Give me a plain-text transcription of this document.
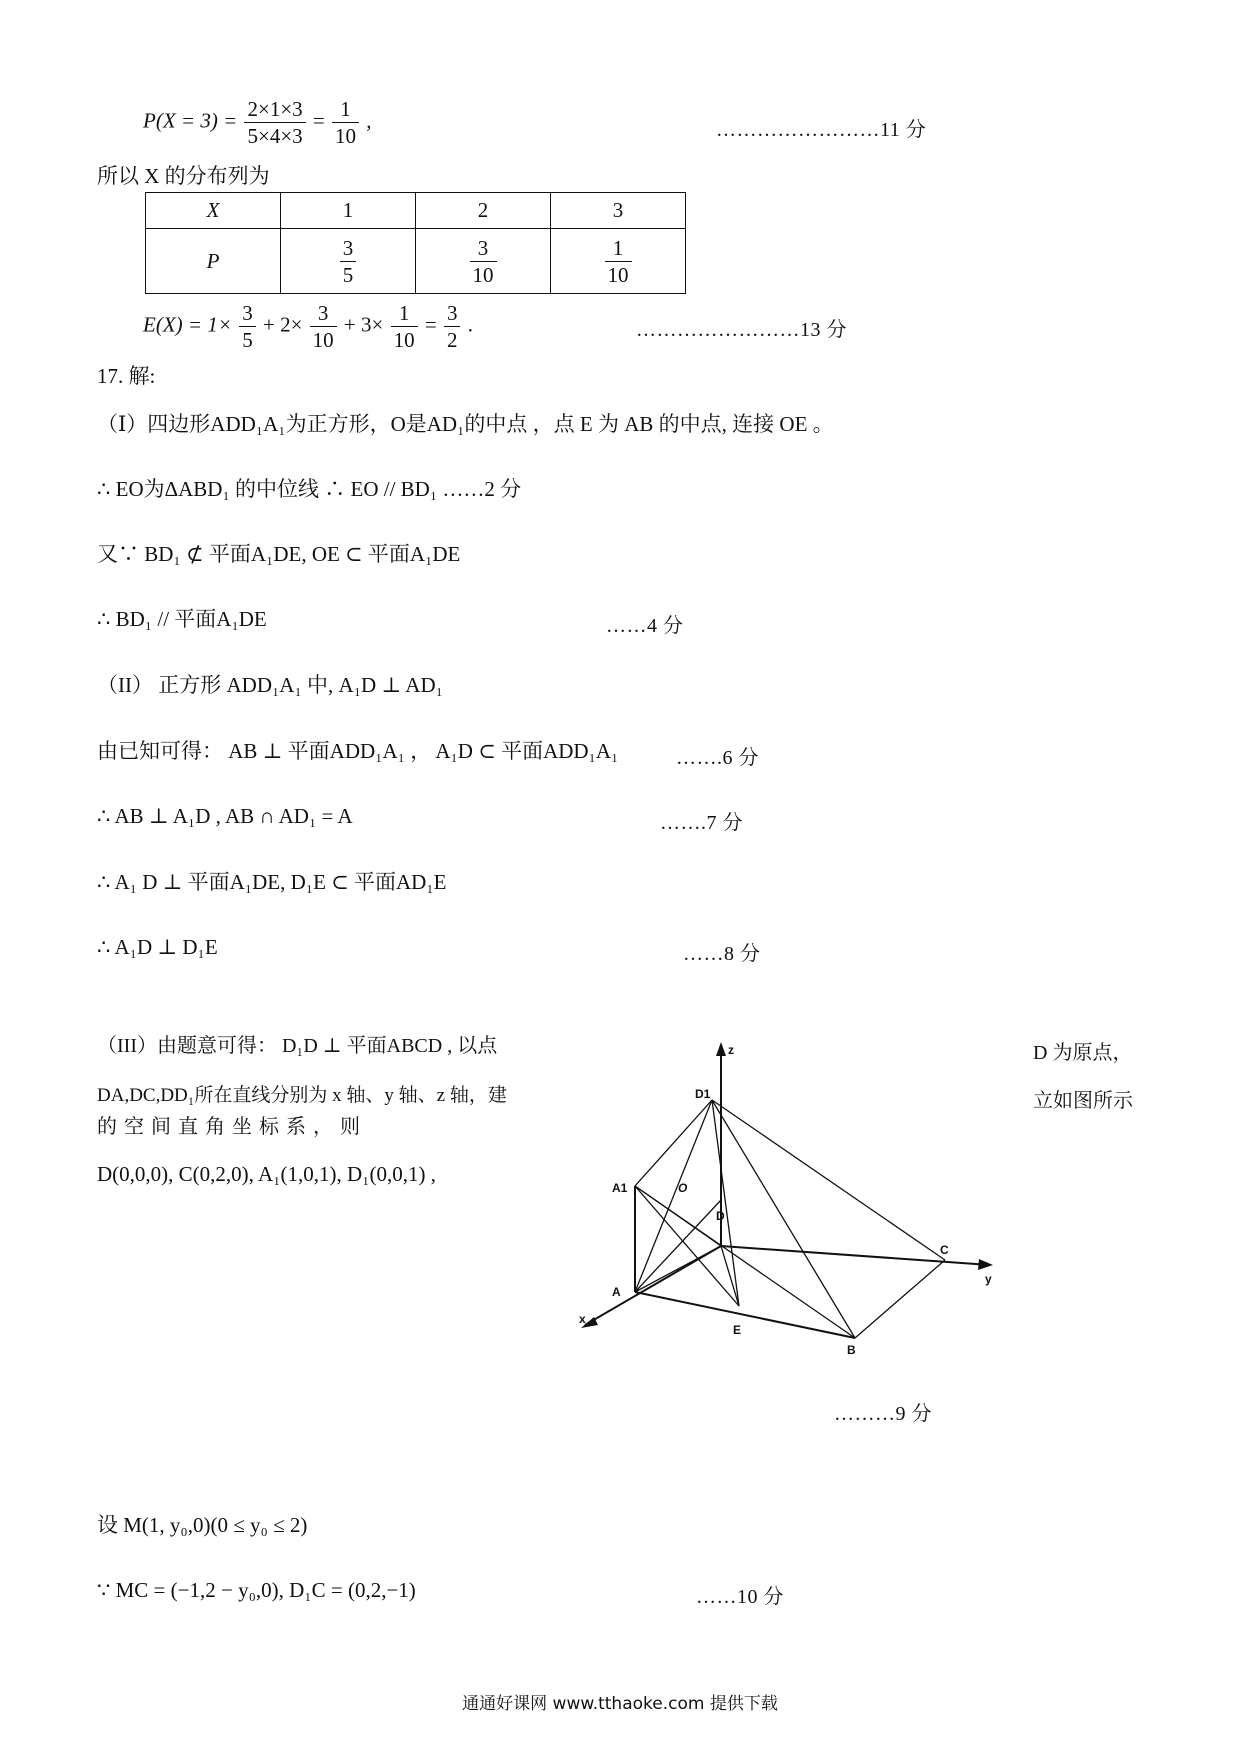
$P(X = 3) = \frac{2\times 1\times 3}{5\times 4\times 3} = \frac{1}{10}$ ,	……………………11 分
所以 X 的分布列为
X	1	2	3
P	$\frac{3}{5}$	$\frac{3}{10}$	$\frac{1}{10}$
$E(X) = 1\times \frac{3}{5} + 2\times \frac{3}{10} + 3\times \frac{1}{10} = \frac{3}{2}$ .	……………………13 分
17. 解:
（Ⅰ）四边形ADD₁A₁为正方形，O是AD₁的中点 ，点 E 为 AB 的中点, 连接 OE 。
∴ EO为ΔABD₁ 的中位线 ∴ EO // BD₁ ……2 分
又∵ BD₁ ⊄ 平面A₁DE, OE ⊂ 平面A₁DE
∴ BD₁ // 平面A₁DE	……4 分
（II） 正方形 ADD₁A₁ 中, A₁D ⊥ AD₁
由已知可得： AB ⊥ 平面ADD₁A₁ ， A₁D ⊂ 平面ADD₁A₁	…….6 分
∴ AB ⊥ A₁D , AB ∩ AD₁ = A	…….7 分
∴ A₁ D ⊥ 平面A₁DE, D₁E ⊂ 平面AD₁E
∴ A₁D ⊥ D₁E	……8 分
（III）由题意可得： D₁D ⊥ 平面ABCD , 以点	D 为原点，
DA,DC,DD₁所在直线分别为 x 轴、y 轴、z 轴，建	立如图所示
的 空 间 直 角 坐 标 系 ， 则
D(0,0,0), C(0,2,0), A₁(1,0,1), D₁(0,0,1) ,
z
y
x
D1
A1	O
D
A
E
B
C
………9 分
设 M(1, y₀,0)(0 ≤ y₀ ≤ 2)
∵ MC = (−1,2 − y₀,0), D₁C = (0,2,−1)	……10 分
通通好课网 www.tthaoke.com 提供下载
